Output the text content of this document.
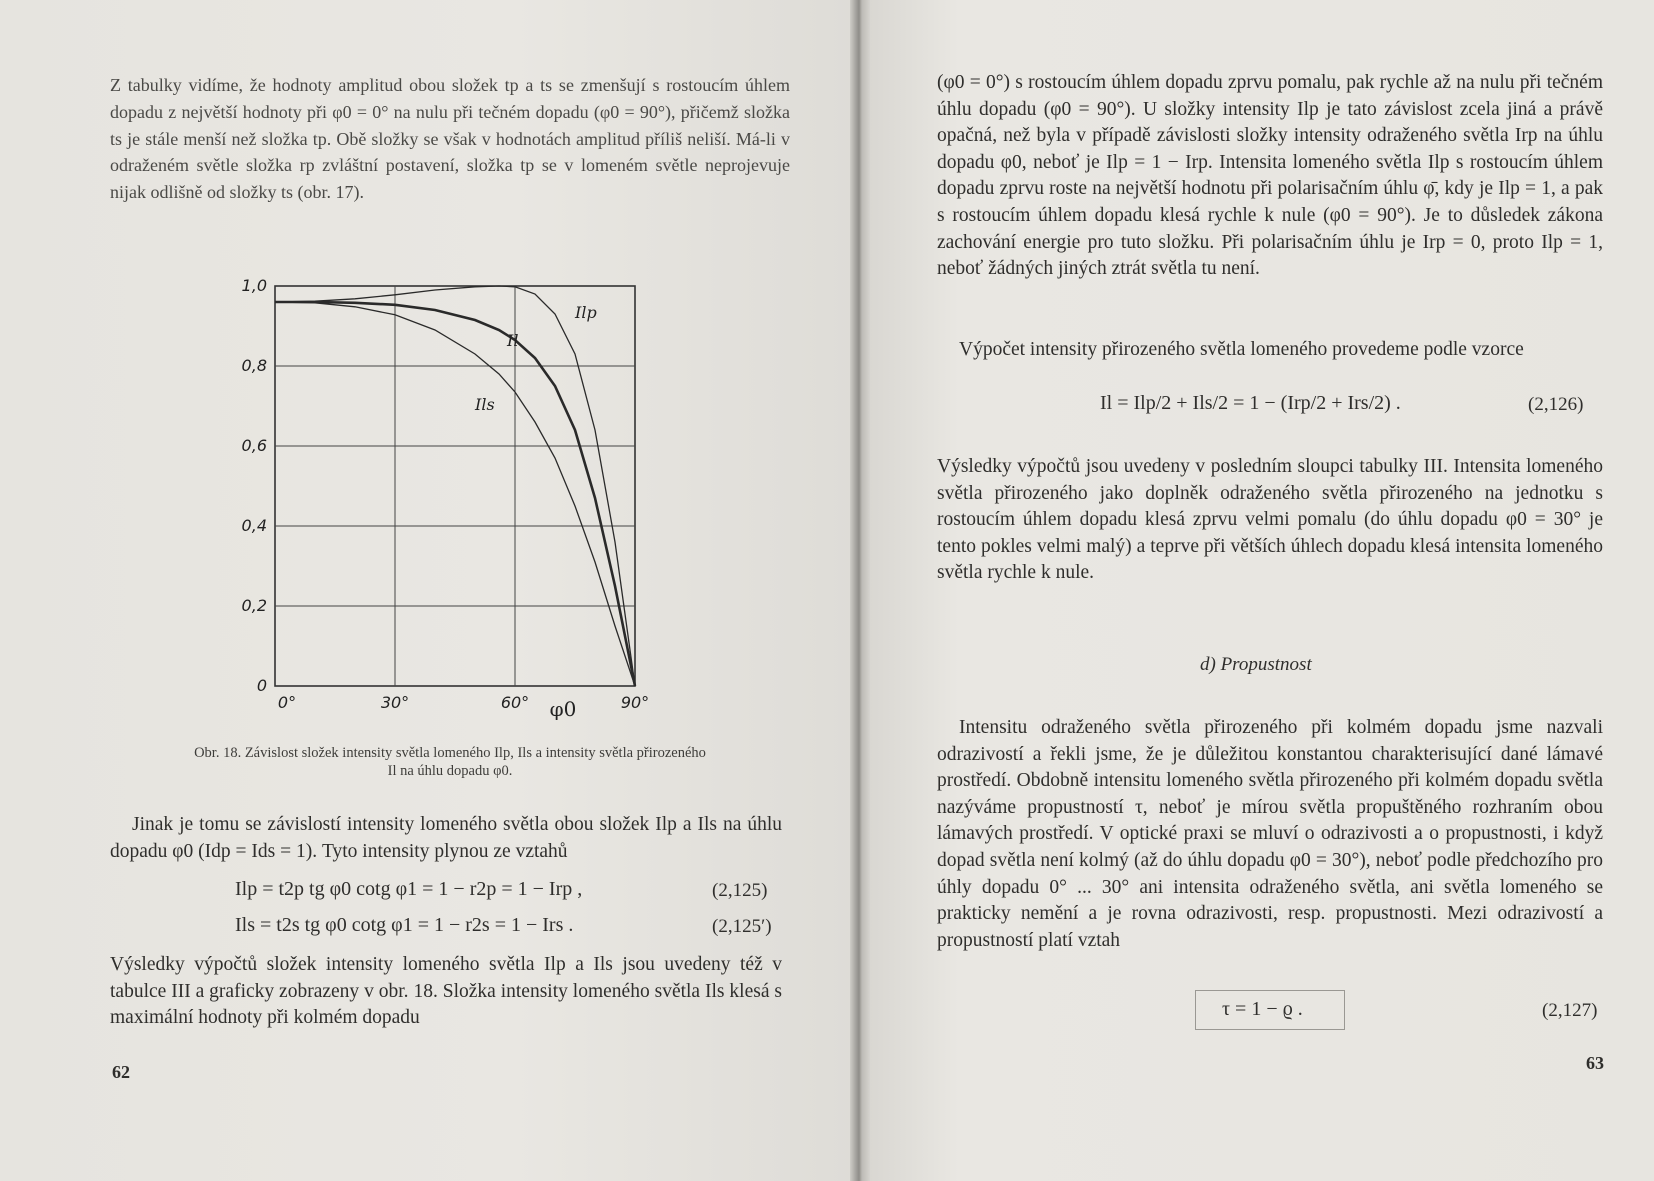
Z tabulky vidíme, že hodnoty amplitud obou složek tp a ts se zmenšují s rostoucím úhlem dopadu z největší hodnoty při φ0 = 0° na nulu při tečném dopadu (φ0 = 90°), přičemž složka ts je stále menší než složka tp. Obě složky se však v hodnotách amplitud příliš neliší. Má-li v odraženém světle složka rp zvláštní postavení, složka tp se v lomeném světle neprojevuje nijak odlišně od složky ts (obr. 17).

0
0,2
0,4
0,6
0,8
1,0
0°	30°	60°	90°
φ0
Ilp
Il
Ils
Obr. 18. Závislost složek intensity světla lomeného Ilp, Ils a intensity světla přirozeného
Il na úhlu dopadu φ0.

Jinak je tomu se závislostí intensity lomeného světla obou složek Ilp a Ils na úhlu dopadu φ0 (Idp = Ids = 1). Tyto intensity plynou ze vztahů

Ilp = t2p tg φ0 cotg φ1 = 1 − r2p = 1 − Irp ,	(2,125)
Ils = t2s tg φ0 cotg φ1 = 1 − r2s = 1 − Irs .	(2,125′)

Výsledky výpočtů složek intensity lomeného světla Ilp a Ils jsou uvedeny též v tabulce III a graficky zobrazeny v obr. 18. Složka intensity lomeného světla Ils klesá s maximální hodnoty při kolmém dopadu

62

(φ0 = 0°) s rostoucím úhlem dopadu zprvu pomalu, pak rychle až na nulu při tečném úhlu dopadu (φ0 = 90°). U složky intensity Ilp je tato závislost zcela jiná a právě opačná, než byla v případě závislosti složky intensity odraženého světla Irp na úhlu dopadu φ0, neboť je Ilp = 1 − Irp. Intensita lomeného světla Ilp s rostoucím úhlem dopadu zprvu roste na největší hodnotu při polarisačním úhlu φ̄, kdy je Ilp = 1, a pak s rostoucím úhlem dopadu klesá rychle k nule (φ0 = 90°). Je to důsledek zákona zachování energie pro tuto složku. Při polarisačním úhlu je Irp = 0, proto Ilp = 1, neboť žádných jiných ztrát světla tu není.

Výpočet intensity přirozeného světla lomeného provedeme podle vzorce

Il = Ilp/2 + Ils/2 = 1 − (Irp/2 + Irs/2) .	(2,126)

Výsledky výpočtů jsou uvedeny v posledním sloupci tabulky III. Intensita lomeného světla přirozeného jako doplněk odraženého světla přirozeného na jednotku s rostoucím úhlem dopadu klesá zprvu velmi pomalu (do úhlu dopadu φ0 = 30° je tento pokles velmi malý) a teprve při větších úhlech dopadu klesá intensita lomeného světla rychle k nule.

d) Propustnost

Intensitu odraženého světla přirozeného při kolmém dopadu jsme nazvali odrazivostí a řekli jsme, že je důležitou konstantou charakterisující dané lámavé prostředí. Obdobně intensitu lomeného světla přirozeného při kolmém dopadu světla nazýváme propustností τ, neboť je mírou světla propuštěného rozhraním obou lámavých prostředí. V optické praxi se mluví o odrazivosti a o propustnosti, i když dopad světla není kolmý (až do úhlu dopadu φ0 = 30°), neboť podle předchozího pro úhly dopadu 0° ... 30° ani intensita odraženého světla, ani světla lomeného se prakticky nemění a je rovna odrazivosti, resp. propustnosti. Mezi odrazivostí a propustností platí vztah

τ = 1 − ϱ .	(2,127)
63
